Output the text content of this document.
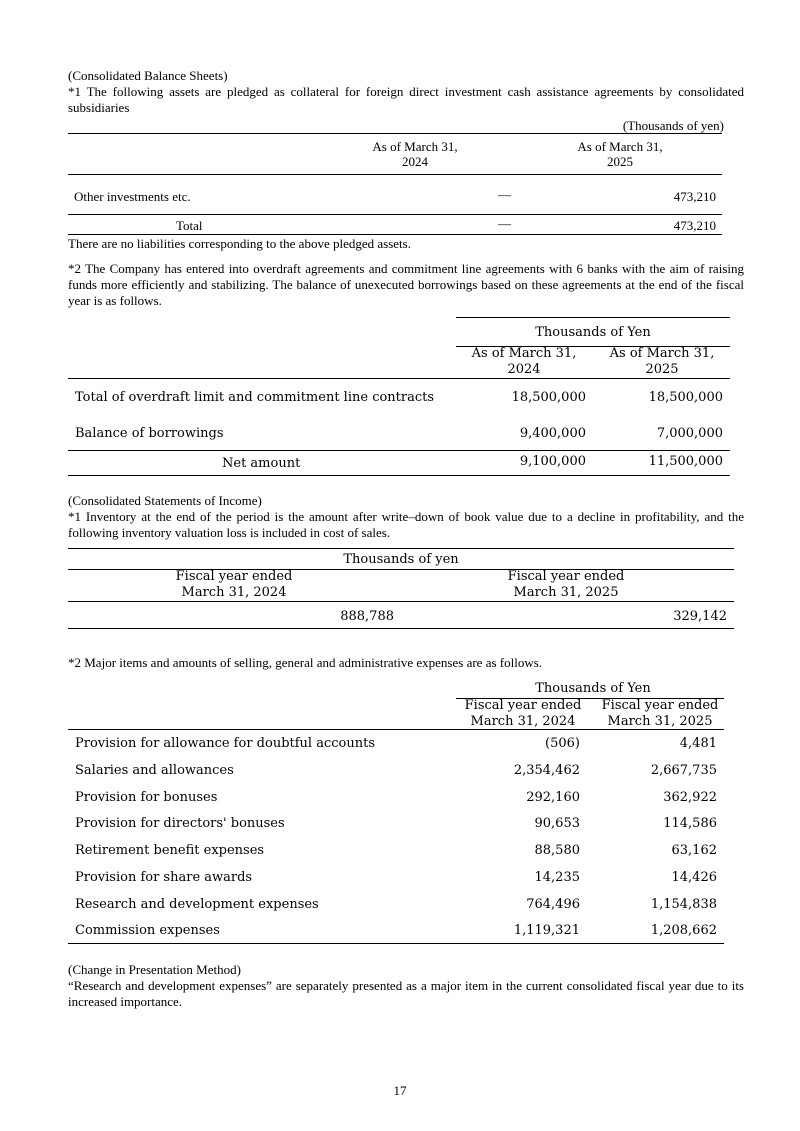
(Consolidated Balance Sheets)
*1 The following assets are pledged as collateral for foreign direct investment cash assistance agreements by consolidated subsidiaries
(Thousands of yen)
As of March 31,
2024
As of March 31,
2025
Other investments etc.	—	473,210
Total	—	473,210
There are no liabilities corresponding to the above pledged assets.
*2 The Company has entered into overdraft agreements and commitment line agreements with 6 banks with the aim of raising funds more efficiently and stabilizing. The balance of unexecuted borrowings based on these agreements at the end of the fiscal year is as follows.
Thousands of Yen
As of March 31,
2024
As of March 31,
2025
Total of overdraft limit and commitment line contracts	18,500,000	18,500,000
Balance of borrowings	9,400,000	7,000,000
Net amount	9,100,000	11,500,000
(Consolidated Statements of Income)
*1 Inventory at the end of the period is the amount after write–down of book value due to a decline in profitability, and the following inventory valuation loss is included in cost of sales.
Thousands of yen
Fiscal year ended
March 31, 2024
Fiscal year ended
March 31, 2025
888,788	329,142
*2 Major items and amounts of selling, general and administrative expenses are as follows.
Thousands of Yen
Fiscal year ended
March 31, 2024
Fiscal year ended
March 31, 2025
Provision for allowance for doubtful accounts	(506)	4,481
Salaries and allowances	2,354,462	2,667,735
Provision for bonuses	292,160	362,922
Provision for directors' bonuses	90,653	114,586
Retirement benefit expenses	88,580	63,162
Provision for share awards	14,235	14,426
Research and development expenses	764,496	1,154,838
Commission expenses	1,119,321	1,208,662
(Change in Presentation Method)
“Research and development expenses” are separately presented as a major item in the current consolidated fiscal year due to its increased importance.
17
